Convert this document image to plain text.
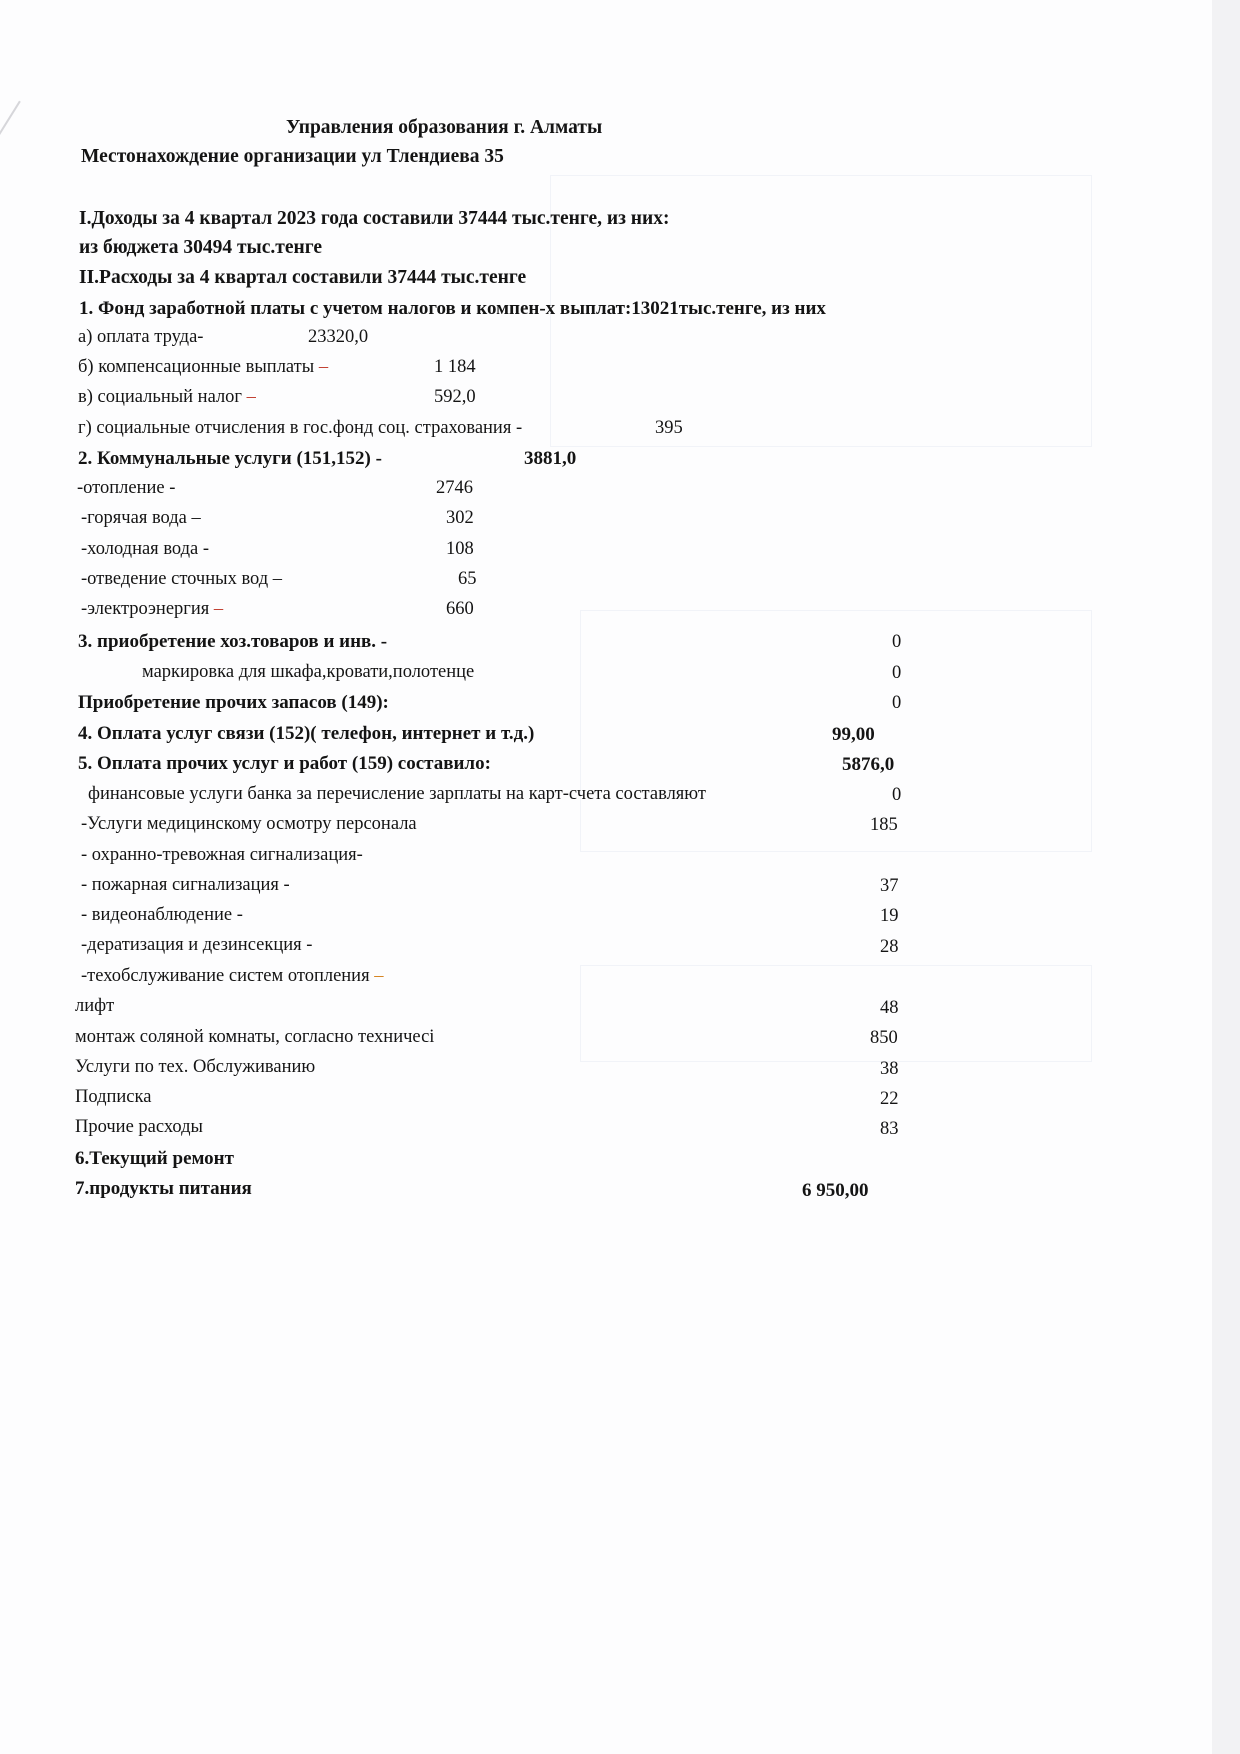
Управления образования г. Алматы
Местонахождение организации ул Тлендиева 35
I.Доходы за 4 квартал 2023 года составили 37444 тыс.тенге, из них:
из бюджета 30494 тыс.тенге
II.Расходы за 4 квартал составили 37444 тыс.тенге
1. Фонд заработной платы с учетом налогов и компен-х выплат:13021тыс.тенге, из них
а) оплата труда-	23320,0
б) компенсационные выплаты –	1 184
в) социальный налог –	592,0
г) социальные отчисления в гос.фонд соц. страхования -	395
2. Коммунальные услуги (151,152) -	3881,0
-отопление -	2746
-горячая вода –	302
-холодная вода -	108
-отведение сточных вод –	65
-электроэнергия –	660
3. приобретение хоз.товаров и инв. -	0
маркировка для шкафа,кровати,полотенце	0
Приобретение прочих запасов (149):	0
4. Оплата услуг связи (152)( телефон, интернет и т.д.)	99,00
5. Оплата прочих услуг и работ (159) составило:	5876,0
финансовые услуги банка за перечисление зарплаты на карт-счета составляют	0
-Услуги медицинскому осмотру персонала	185
- охранно-тревожная сигнализация-
- пожарная сигнализация -	37
- видеонаблюдение -	19
-дератизация и дезинсекция -	28
-техобслуживание систем отопления –
лифт	48
монтаж соляной комнаты, согласно техничесі	850
Услуги по тех. Обслуживанию	38
Подписка	22
Прочие расходы	83
6.Текущий ремонт
7.продукты питания	6 950,00
